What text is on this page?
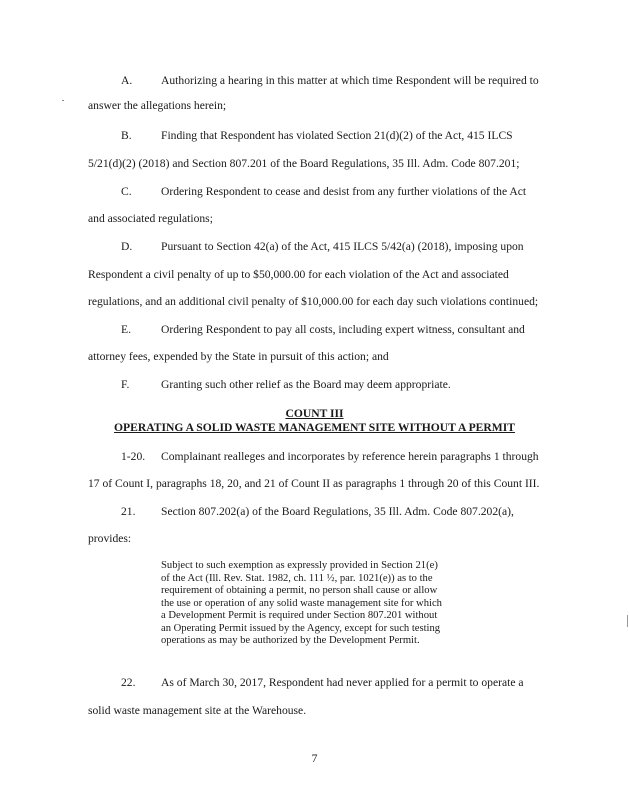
A. Authorizing a hearing in this matter at which time Respondent will be required to
answer the allegations herein;
B.	Finding that Respondent has violated Section 21(d)(2) of the Act, 415 ILCS
5/21(d)(2) (2018) and Section 807.201 of the Board Regulations, 35 Ill. Adm. Code 807.201;
C.	Ordering Respondent to cease and desist from any further violations of the Act
and associated regulations;
D. Pursuant to Section 42(a) of the Act, 415 ILCS 5/42(a) (2018), imposing upon
Respondent a civil penalty of up to $50,000.00 for each violation of the Act and associated
regulations, and an additional civil penalty of $10,000.00 for each day such violations continued;
E.	Ordering Respondent to pay all costs, including expert witness, consultant and
attorney fees, expended by the State in pursuit of this action; and
F.	Granting such other relief as the Board may deem appropriate.
COUNT III
OPERATING A SOLID WASTE MANAGEMENT SITE WITHOUT A PERMIT
1-20. Complainant realleges and incorporates by reference herein paragraphs 1 through
17 of Count I, paragraphs 18, 20, and 21 of Count II as paragraphs 1 through 20 of this Count III.
21. Section 807.202(a) of the Board Regulations, 35 Ill. Adm. Code 807.202(a),
provides:
Subject to such exemption as expressly provided in Section 21(e)
of the Act (Ill. Rev. Stat. 1982, ch. 111 ½, par. 1021(e)) as to the
requirement of obtaining a permit, no person shall cause or allow
the use or operation of any solid waste management site for which
a Development Permit is required under Section 807.201 without
an Operating Permit issued by the Agency, except for such testing
operations as may be authorized by the Development Permit.
22. As of March 30, 2017, Respondent had never applied for a permit to operate a
solid waste management site at the Warehouse.
7
